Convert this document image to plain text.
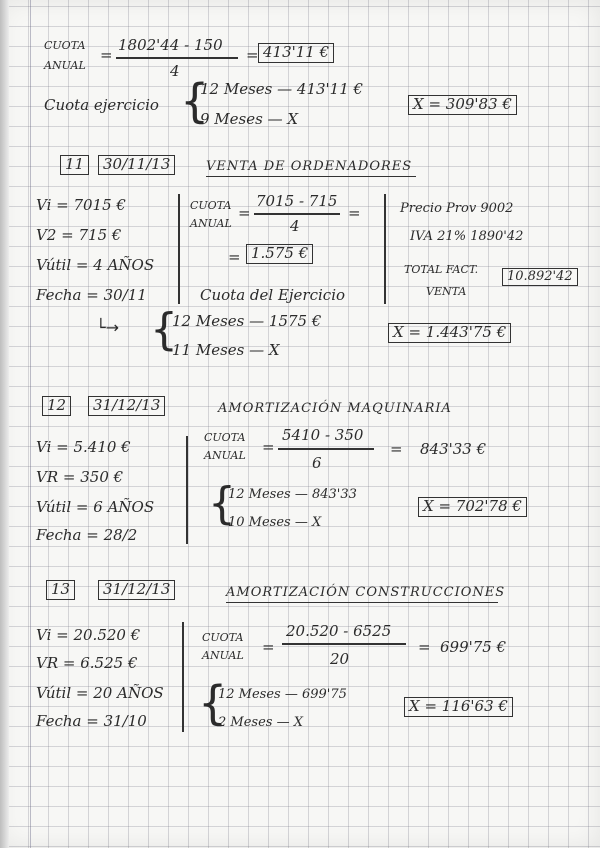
CUOTA
ANUAL
=
1802'44 - 150
4
= 413'11 €
Cuota ejercicio {
12 Meses — 413'11 €
9 Meses — X
X = 309'83 €
11	30/11/13	VENTA DE ORDENADORES
Vi = 7015 €
V2 = 715 €
Vútil = 4 AÑOS
Fecha = 30/11
CUOTA
ANUAL
=
7015 - 715
4
=
= 1.575 €
Cuota del Ejercicio
Precio Prov 9002
IVA 21% 1890'42
TOTAL FACT.
VENTA
10.892'42
└→ {
12 Meses — 1575 €
11 Meses — X
X = 1.443'75 €
12	31/12/13	AMORTIZACIÓN MAQUINARIA
Vi = 5.410 €
VR = 350 €
Vútil = 6 AÑOS
Fecha = 28/2
CUOTA
ANUAL =
5410 - 350
6
= 843'33 €
{
12 Meses — 843'33
10 Meses — X
X = 702'78 €
13	31/12/13	AMORTIZACIÓN CONSTRUCCIONES
Vi = 20.520 €
VR = 6.525 €
Vútil = 20 AÑOS
Fecha = 31/10
CUOTA
ANUAL =
20.520 - 6525
20
= 699'75 €
{
12 Meses — 699'75
2 Meses — X
X = 116'63 €
